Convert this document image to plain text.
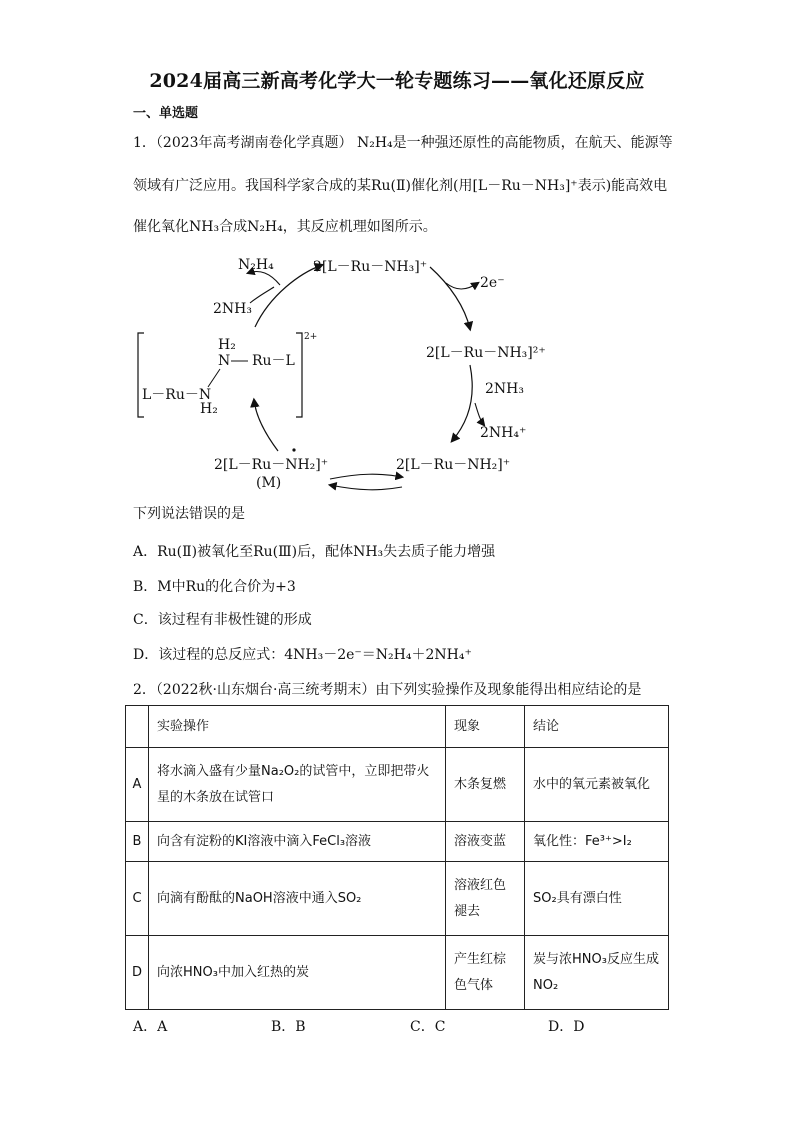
2024届高三新高考化学大一轮专题练习——氧化还原反应
一、单选题
1．（2023年高考湖南卷化学真题） N₂H₄是一种强还原性的高能物质，在航天、能源等
领域有广泛应用。我国科学家合成的某Ru(Ⅱ)催化剂(用[L－Ru－NH₃]⁺表示)能高效电
催化氧化NH₃合成N₂H₄，其反应机理如图所示。
2[L－Ru－NH₃]⁺
N₂H₄
2NH₃
2e⁻
2[L－Ru－NH₃]²⁺
2NH₃
2NH₄⁺
2[L－Ru－NH₂]⁺
2[L－Ru－NH₂]⁺
(M)
2+
H₂
N Ru－L
L－Ru－N
H₂
下列说法错误的是
A．Ru(Ⅱ)被氧化至Ru(Ⅲ)后，配体NH₃失去质子能力增强
B．M中Ru的化合价为+3
C．该过程有非极性键的形成
D．该过程的总反应式：4NH₃－2e⁻＝N₂H₄＋2NH₄⁺
2．（2022秋·山东烟台·高三统考期末）由下列实验操作及现象能得出相应结论的是
	实验操作	现象	结论
A	将水滴入盛有少量Na₂O₂的试管中，立即把带火星的木条放在试管口	木条复燃	水中的氧元素被氧化
B	向含有淀粉的KI溶液中滴入FeCl₃溶液	溶液变蓝	氧化性：Fe³⁺>I₂
C	向滴有酚酞的NaOH溶液中通入SO₂	溶液红色褪去	SO₂具有漂白性
D	向浓HNO₃中加入红热的炭	产生红棕色气体	炭与浓HNO₃反应生成NO₂
A．A	B．B	C．C	D．D
